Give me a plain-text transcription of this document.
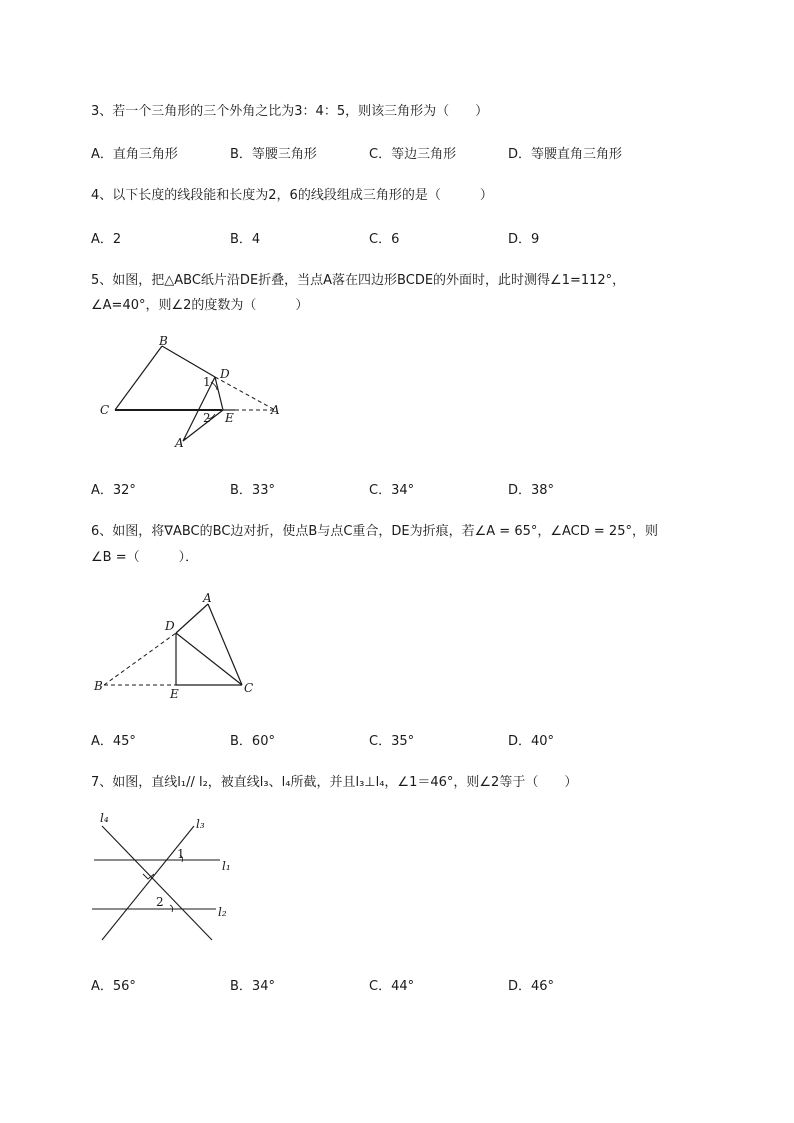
3、若一个三角形的三个外角之比为3：4：5，则该三角形为（　　）
A．直角三角形	B．等腰三角形	C．等边三角形	D．等腰直角三角形
4、以下长度的线段能和长度为2，6的线段组成三角形的是（　　　）
A．2	B．4	C．6	D．9
5、如图，把△ABC纸片沿DE折叠，当点A落在四边形BCDE的外面时，此时测得∠1=112°，
∠A=40°，则∠2的度数为（　　　）
B
D
1
C
2 E
A
A′
A．32°	B．33°	C．34°	D．38°
6、如图，将∇ABC的BC边对折，使点B与点C重合，DE为折痕，若∠A = 65°，∠ACD = 25°，则
∠B =（　　　）．
A
D
B
E	C
A．45°	B．60°	C．35°	D．40°
7、如图，直线l₁// l₂，被直线l₃、l₄所截，并且l₃⊥l₄，∠1＝46°，则∠2等于（　　）
l₄	l₃
1
l₁
2
l₂
A．56°	B．34°	C．44°	D．46°
